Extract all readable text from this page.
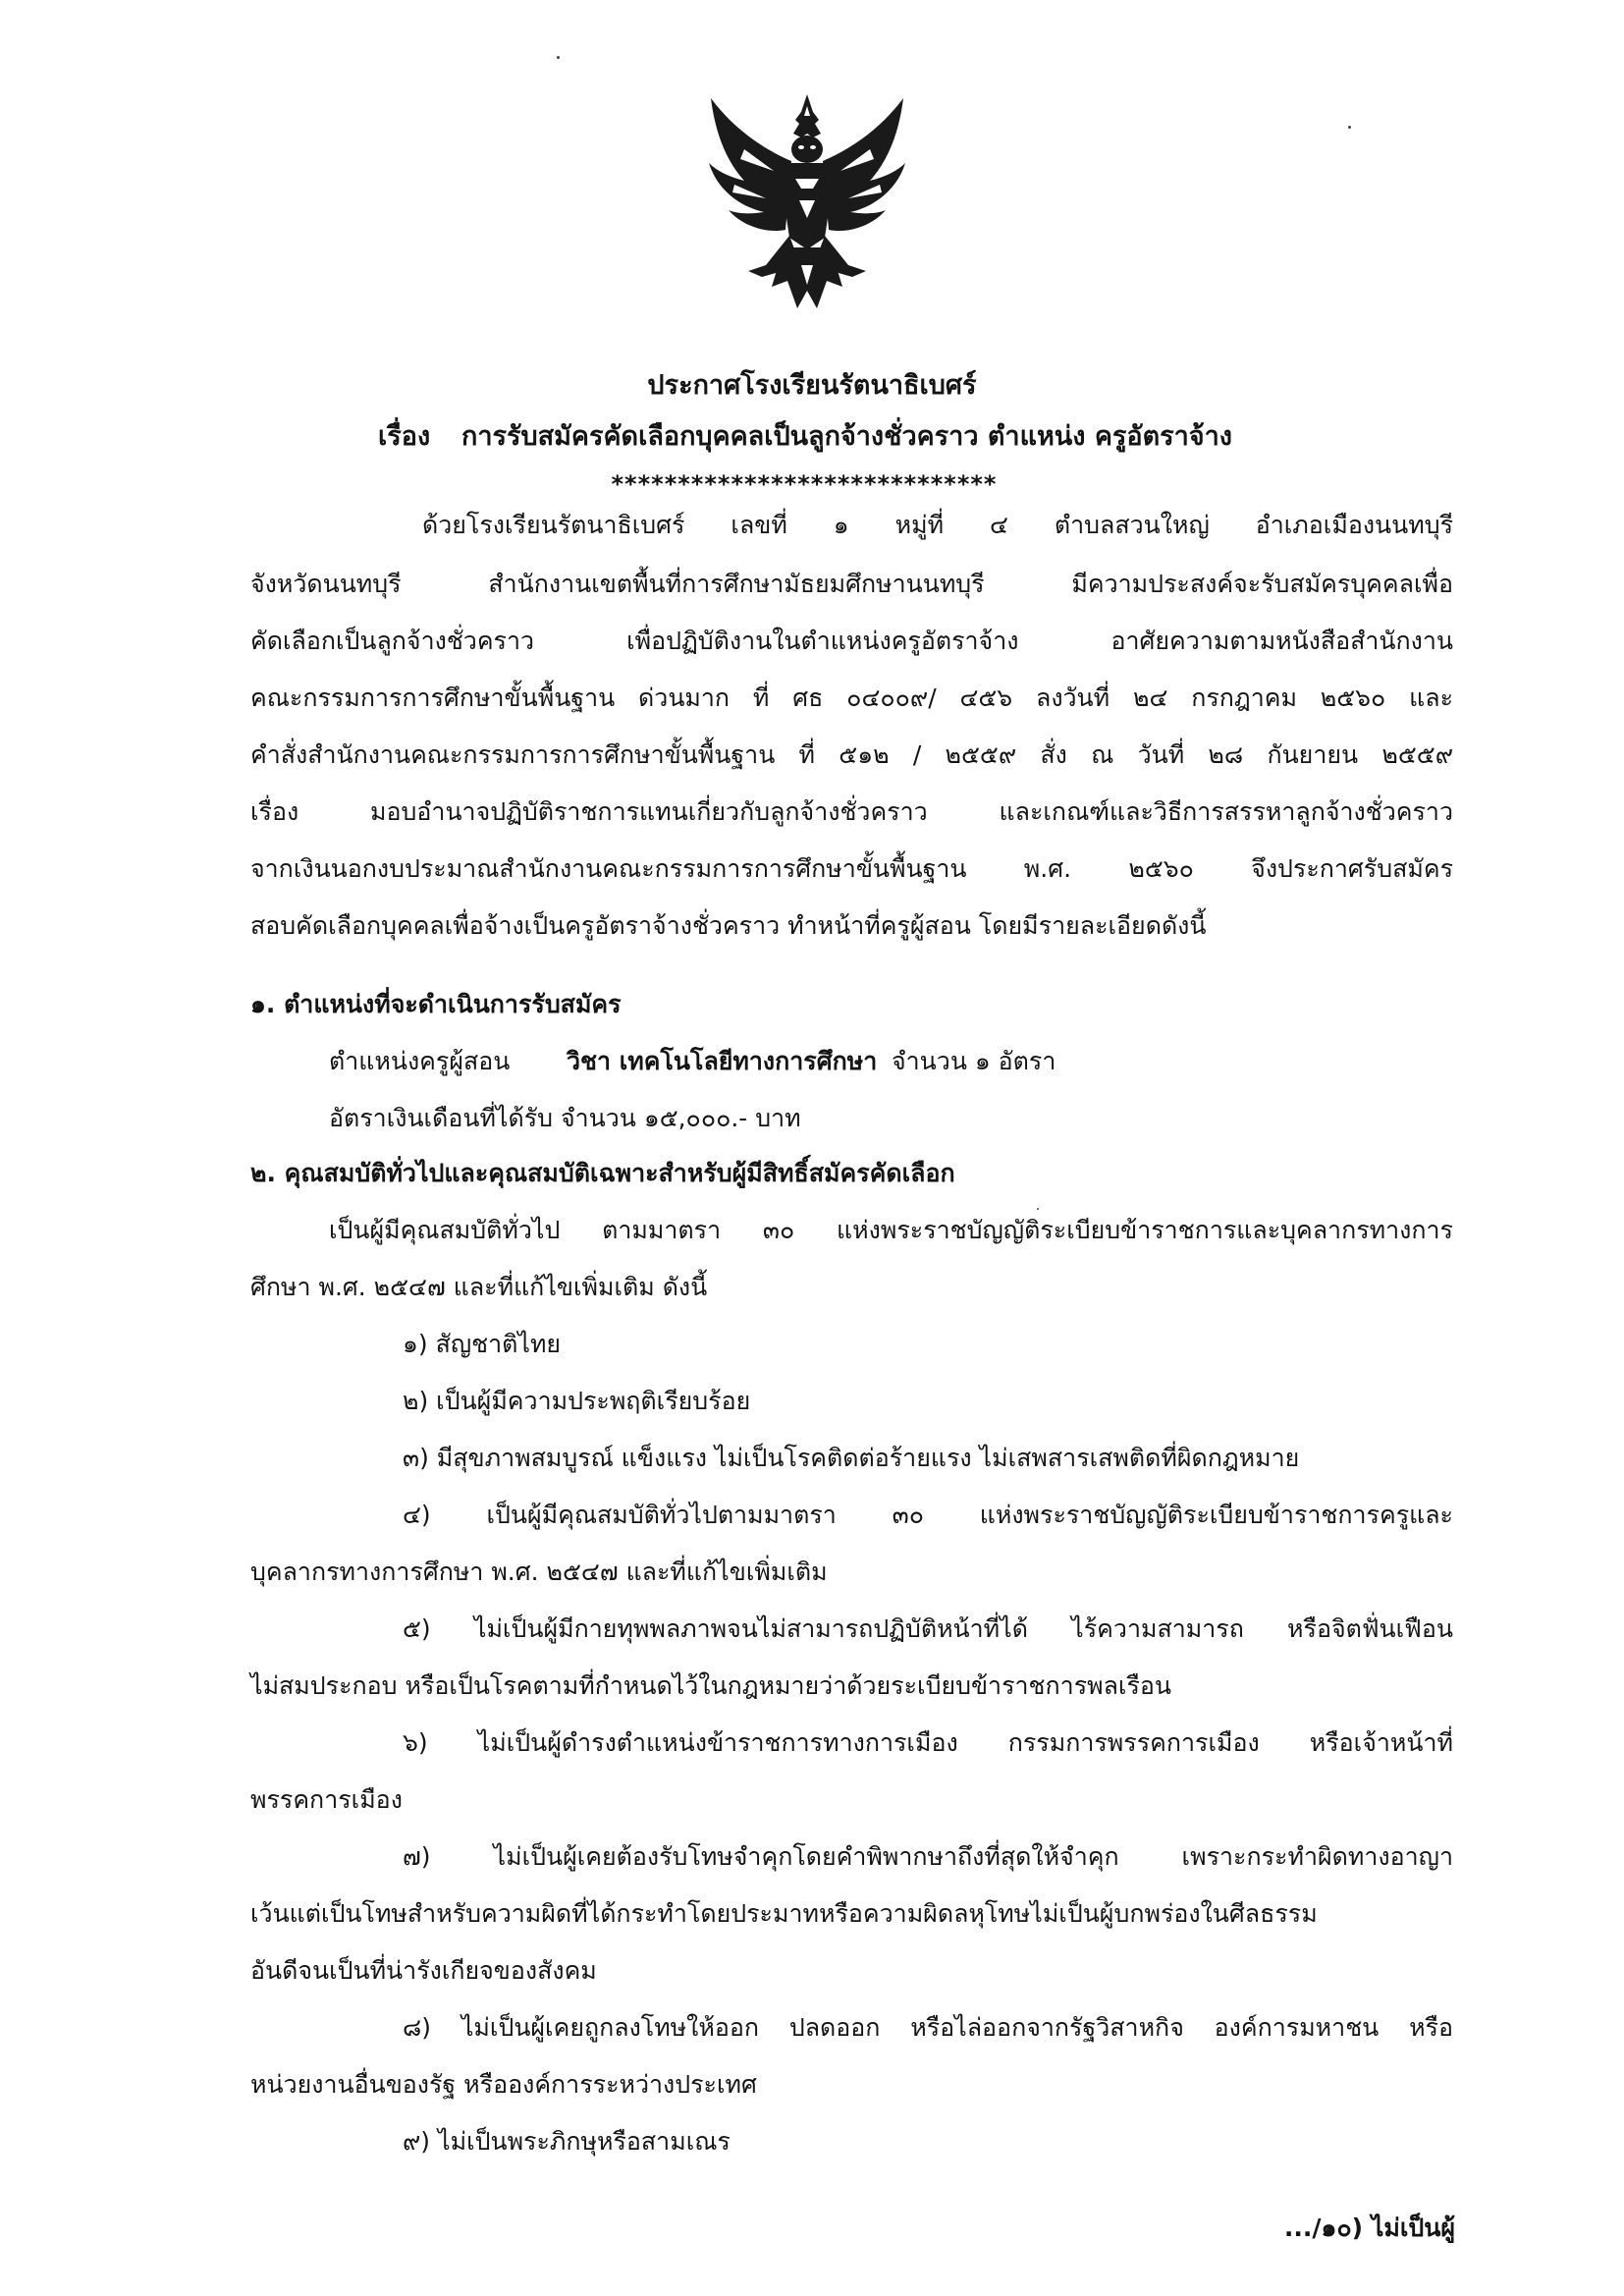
ประกาศโรงเรียนรัตนาธิเบศร์
เรื่อง การรับสมัครคัดเลือกบุคคลเป็นลูกจ้างชั่วคราว ตำแหน่ง ครูอัตราจ้าง
*****************************
ด้วยโรงเรียนรัตนาธิเบศร์ เลขที่ ๑ หมู่ที่ ๔ ตำบลสวนใหญ่ อำเภอเมืองนนทบุรี
จังหวัดนนทบุรี สำนักงานเขตพื้นที่การศึกษามัธยมศึกษานนทบุรี มีความประสงค์จะรับสมัครบุคคลเพื่อ
คัดเลือกเป็นลูกจ้างชั่วคราว เพื่อปฏิบัติงานในตำแหน่งครูอัตราจ้าง อาศัยความตามหนังสือสำนักงาน
คณะกรรมการการศึกษาขั้นพื้นฐาน ด่วนมาก ที่ ศธ ๐๔๐๐๙/ ๔๕๖ ลงวันที่ ๒๔ กรกฎาคม ๒๕๖๐ และ
คำสั่งสำนักงานคณะกรรมการการศึกษาขั้นพื้นฐาน ที่ ๕๑๒ / ๒๕๕๙ สั่ง ณ วันที่ ๒๘ กันยายน ๒๕๕๙
เรื่อง มอบอำนาจปฏิบัติราชการแทนเกี่ยวกับลูกจ้างชั่วคราว และเกณฑ์และวิธีการสรรหาลูกจ้างชั่วคราว
จากเงินนอกงบประมาณสำนักงานคณะกรรมการการศึกษาขั้นพื้นฐาน พ.ศ. ๒๕๖๐ จึงประกาศรับสมัคร
สอบคัดเลือกบุคคลเพื่อจ้างเป็นครูอัตราจ้างชั่วคราว ทำหน้าที่ครูผู้สอน โดยมีรายละเอียดดังนี้
๑. ตำแหน่งที่จะดำเนินการรับสมัคร
ตำแหน่งครูผู้สอน วิชา เทคโนโลยีทางการศึกษา จำนวน ๑ อัตรา
อัตราเงินเดือนที่ได้รับ จำนวน ๑๕,๐๐๐.- บาท
๒. คุณสมบัติทั่วไปและคุณสมบัติเฉพาะสำหรับผู้มีสิทธิ์สมัครคัดเลือก
เป็นผู้มีคุณสมบัติทั่วไป ตามมาตรา ๓๐ แห่งพระราชบัญญัติระเบียบข้าราชการและบุคลากรทางการ
ศึกษา พ.ศ. ๒๕๔๗ และที่แก้ไขเพิ่มเติม ดังนี้
๑) สัญชาติไทย
๒) เป็นผู้มีความประพฤติเรียบร้อย
๓) มีสุขภาพสมบูรณ์ แข็งแรง ไม่เป็นโรคติดต่อร้ายแรง ไม่เสพสารเสพติดที่ผิดกฎหมาย
๔) เป็นผู้มีคุณสมบัติทั่วไปตามมาตรา ๓๐ แห่งพระราชบัญญัติระเบียบข้าราชการครูและ
บุคลากรทางการศึกษา พ.ศ. ๒๕๔๗ และที่แก้ไขเพิ่มเติม
๕) ไม่เป็นผู้มีกายทุพพลภาพจนไม่สามารถปฏิบัติหน้าที่ได้ ไร้ความสามารถ หรือจิตฟั่นเฟือน
ไม่สมประกอบ หรือเป็นโรคตามที่กำหนดไว้ในกฎหมายว่าด้วยระเบียบข้าราชการพลเรือน
๖) ไม่เป็นผู้ดำรงตำแหน่งข้าราชการทางการเมือง กรรมการพรรคการเมือง หรือเจ้าหน้าที่
พรรคการเมือง
๗) ไม่เป็นผู้เคยต้องรับโทษจำคุกโดยคำพิพากษาถึงที่สุดให้จำคุก เพราะกระทำผิดทางอาญา
เว้นแต่เป็นโทษสำหรับความผิดที่ได้กระทำโดยประมาทหรือความผิดลหุโทษไม่เป็นผู้บกพร่องในศีลธรรม
อันดีจนเป็นที่น่ารังเกียจของสังคม
๘) ไม่เป็นผู้เคยถูกลงโทษให้ออก ปลดออก หรือไล่ออกจากรัฐวิสาหกิจ องค์การมหาชน หรือ
หน่วยงานอื่นของรัฐ หรือองค์การระหว่างประเทศ
๙) ไม่เป็นพระภิกษุหรือสามเณร
.../๑๐) ไม่เป็นผู้
